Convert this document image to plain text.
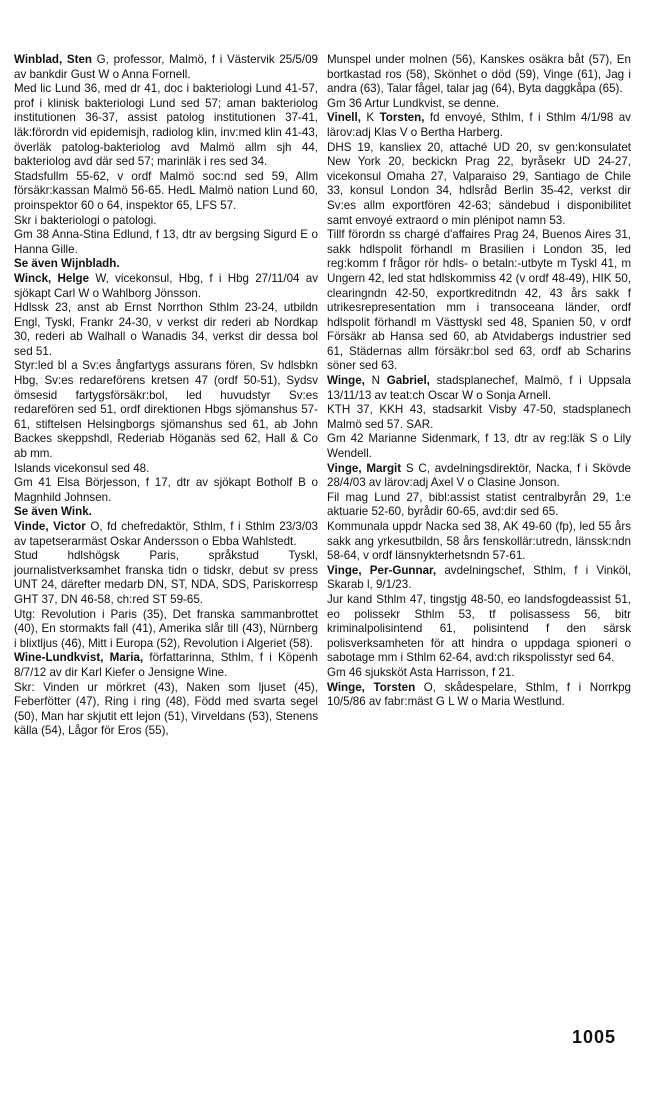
Winblad, Sten G, professor, Malmö, f i Västervik 25/5/09 av bankdir Gust W o Anna Fornell.

Med lic Lund 36, med dr 41, doc i bakteriologi Lund 41-57, prof i klinisk bakteriologi Lund sed 57; aman bakteriolog institutionen 36-37, assist patolog institutionen 37-41, läk:förordn vid epidemisjh, radiolog klin, inv:med klin 41-43, överläk patolog-bakteriolog avd Malmö allm sjh 44, bakteriolog avd där sed 57; marinläk i res sed 34.

Stadsfullm 55-62, v ordf Malmö soc:nd sed 59, Allm försäkr:kassan Malmö 56-65. HedL Malmö nation Lund 60, proinspektor 60 o 64, inspektor 65, LFS 57.

Skr i bakteriologi o patologi.

Gm 38 Anna-Stina Edlund, f 13, dtr av bergsing Sigurd E o Hanna Gille.

Se även Wijnbladh.

Winck, Helge W, vicekonsul, Hbg, f i Hbg 27/11/04 av sjökapt Carl W o Wahlborg Jönsson.

Hdlssk 23, anst ab Ernst Norrthon Sthlm 23-24, utbildn Engl, Tyskl, Frankr 24-30, v verkst dir rederi ab Nordkap 30, rederi ab Walhall o Wanadis 34, verkst dir dessa bol sed 51.

Styr:led bl a Sv:es ångfartygs assurans fören, Sv hdlsbkn Hbg, Sv:es redareförens kretsen 47 (ordf 50-51), Sydsv ömsesid fartygsförsäkr:bol, led huvudstyr Sv:es redarefören sed 51, ordf direktionen Hbgs sjömanshus 57-61, stiftelsen Helsingborgs sjömanshus sed 61, ab John Backes skeppshdl, Rederiab Höganäs sed 62, Hall & Co ab mm.

Islands vicekonsul sed 48.

Gm 41 Elsa Börjesson, f 17, dtr av sjökapt Botholf B o Magnhild Johnsen.

Se även Wink.

Vinde, Victor O, fd chefredaktör, Sthlm, f i Sthlm 23/3/03 av tapetserarmäst Oskar Andersson o Ebba Wahlstedt.

Stud hdlshögsk Paris, språkstud Tyskl, journalistverksamhet franska tidn o tidskr, debut sv press UNT 24, därefter medarb DN, ST, NDA, SDS, Pariskorresp GHT 37, DN 46-58, ch:red ST 59-65.

Utg: Revolution i Paris (35), Det franska sammanbrottet (40), En stormakts fall (41), Amerika slår till (43), Nürnberg i blixtljus (46), Mitt i Europa (52), Revolution i Algeriet (58).

Wine-Lundkvist, Maria, författarinna, Sthlm, f i Köpenh 8/7/12 av dir Karl Kiefer o Jensigne Wine.

Skr: Vinden ur mörkret (43), Naken som ljuset (45), Feberfötter (47), Ring i ring (48), Född med svarta segel (50), Man har skjutit ett lejon (51), Virveldans (53), Stenens källa (54), Lågor för Eros (55),

Munspel under molnen (56), Kanskes osäkra båt (57), En bortkastad ros (58), Skönhet o död (59), Vinge (61), Jag i andra (63), Talar fågel, talar jag (64), Byta daggkåpa (65).

Gm 36 Artur Lundkvist, se denne.

Vinell, K Torsten, fd envoyé, Sthlm, f i Sthlm 4/1/98 av lärov:adj Klas V o Bertha Harberg.

DHS 19, kansliex 20, attaché UD 20, sv gen:konsulatet New York 20, beckickn Prag 22, byråsekr UD 24-27, vicekonsul Omaha 27, Valparaiso 29, Santiago de Chile 33, konsul London 34, hdlsråd Berlin 35-42, verkst dir Sv:es allm exportfören 42-63; sändebud i disponibilitet samt envoyé extraord o min plénipot namn 53.

Tillf förordn ss chargé d'affaires Prag 24, Buenos Aires 31, sakk hdlspolit förhandl m Brasilien i London 35, led reg:komm f frågor rör hdls- o betaln:-utbyte m Tyskl 41, m Ungern 42, led stat hdlskommiss 42 (v ordf 48-49), HIK 50, clearingndn 42-50, exportkreditndn 42, 43 års sakk f utrikesrepresentation mm i transoceana länder, ordf hdlspolit förhandl m Västtyskl sed 48, Spanien 50, v ordf Försäkr ab Hansa sed 60, ab Atvidabergs industrier sed 61, Städernas allm försäkr:bol sed 63, ordf ab Scharins söner sed 63.

Winge, N Gabriel, stadsplanechef, Malmö, f i Uppsala 13/11/13 av teat:ch Oscar W o Sonja Arnell.

KTH 37, KKH 43, stadsarkit Visby 47-50, stadsplanech Malmö sed 57. SAR.

Gm 42 Marianne Sidenmark, f 13, dtr av reg:läk S o Lily Wendell.

Vinge, Margit S C, avdelningsdirektör, Nacka, f i Skövde 28/4/03 av lärov:adj Axel V o Clasine Jonson.

Fil mag Lund 27, bibl:assist statist centralbyrån 29, 1:e aktuarie 52-60, byrådir 60-65, avd:dir sed 65.

Kommunala uppdr Nacka sed 38, AK 49-60 (fp), led 55 års sakk ang yrkesutbildn, 58 års fenskollär:utredn, länssk:ndn 58-64, v ordf länsnykterhetsndn 57-61.

Vinge, Per-Gunnar, avdelningschef, Sthlm, f i Vinköl, Skarab l, 9/1/23.

Jur kand Sthlm 47, tingstjg 48-50, eo landsfogdeassist 51, eo polissekr Sthlm 53, tf polisassess 56, bitr kriminalpolisintend 61, polisintend f den särsk polisverksamheten för att hindra o uppdaga spioneri o sabotage mm i Sthlm 62-64, avd:ch rikspolisstyr sed 64.

Gm 46 sjuksköt Asta Harrisson, f 21.

Winge, Torsten O, skådespelare, Sthlm, f i Norrkpg 10/5/86 av fabr:mäst G L W o Maria Westlund.

1005
